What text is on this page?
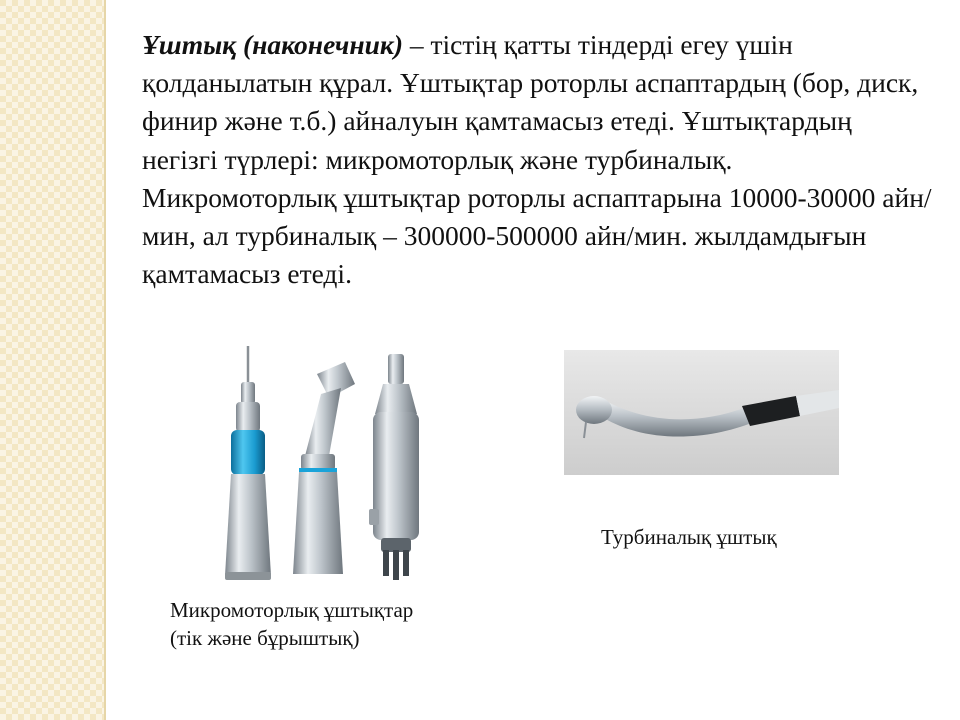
Ұштық (наконечник) – тістің қатты тіндерді егеу үшін қолданылатын құрал. Ұштықтар роторлы аспаптардың (бор, диск, финир және т.б.) айналуын қамтамасыз етеді. Ұштықтардың негізгі түрлері: микромоторлық және турбиналық. Микромоторлық ұштықтар роторлы аспаптарына 10000-30000 айн/мин, ал турбиналық – 300000-500000 айн/мин. жылдамдығын қамтамасыз етеді.
Турбиналық ұштық
Микромоторлық ұштықтар
(тік және бұрыштық)
